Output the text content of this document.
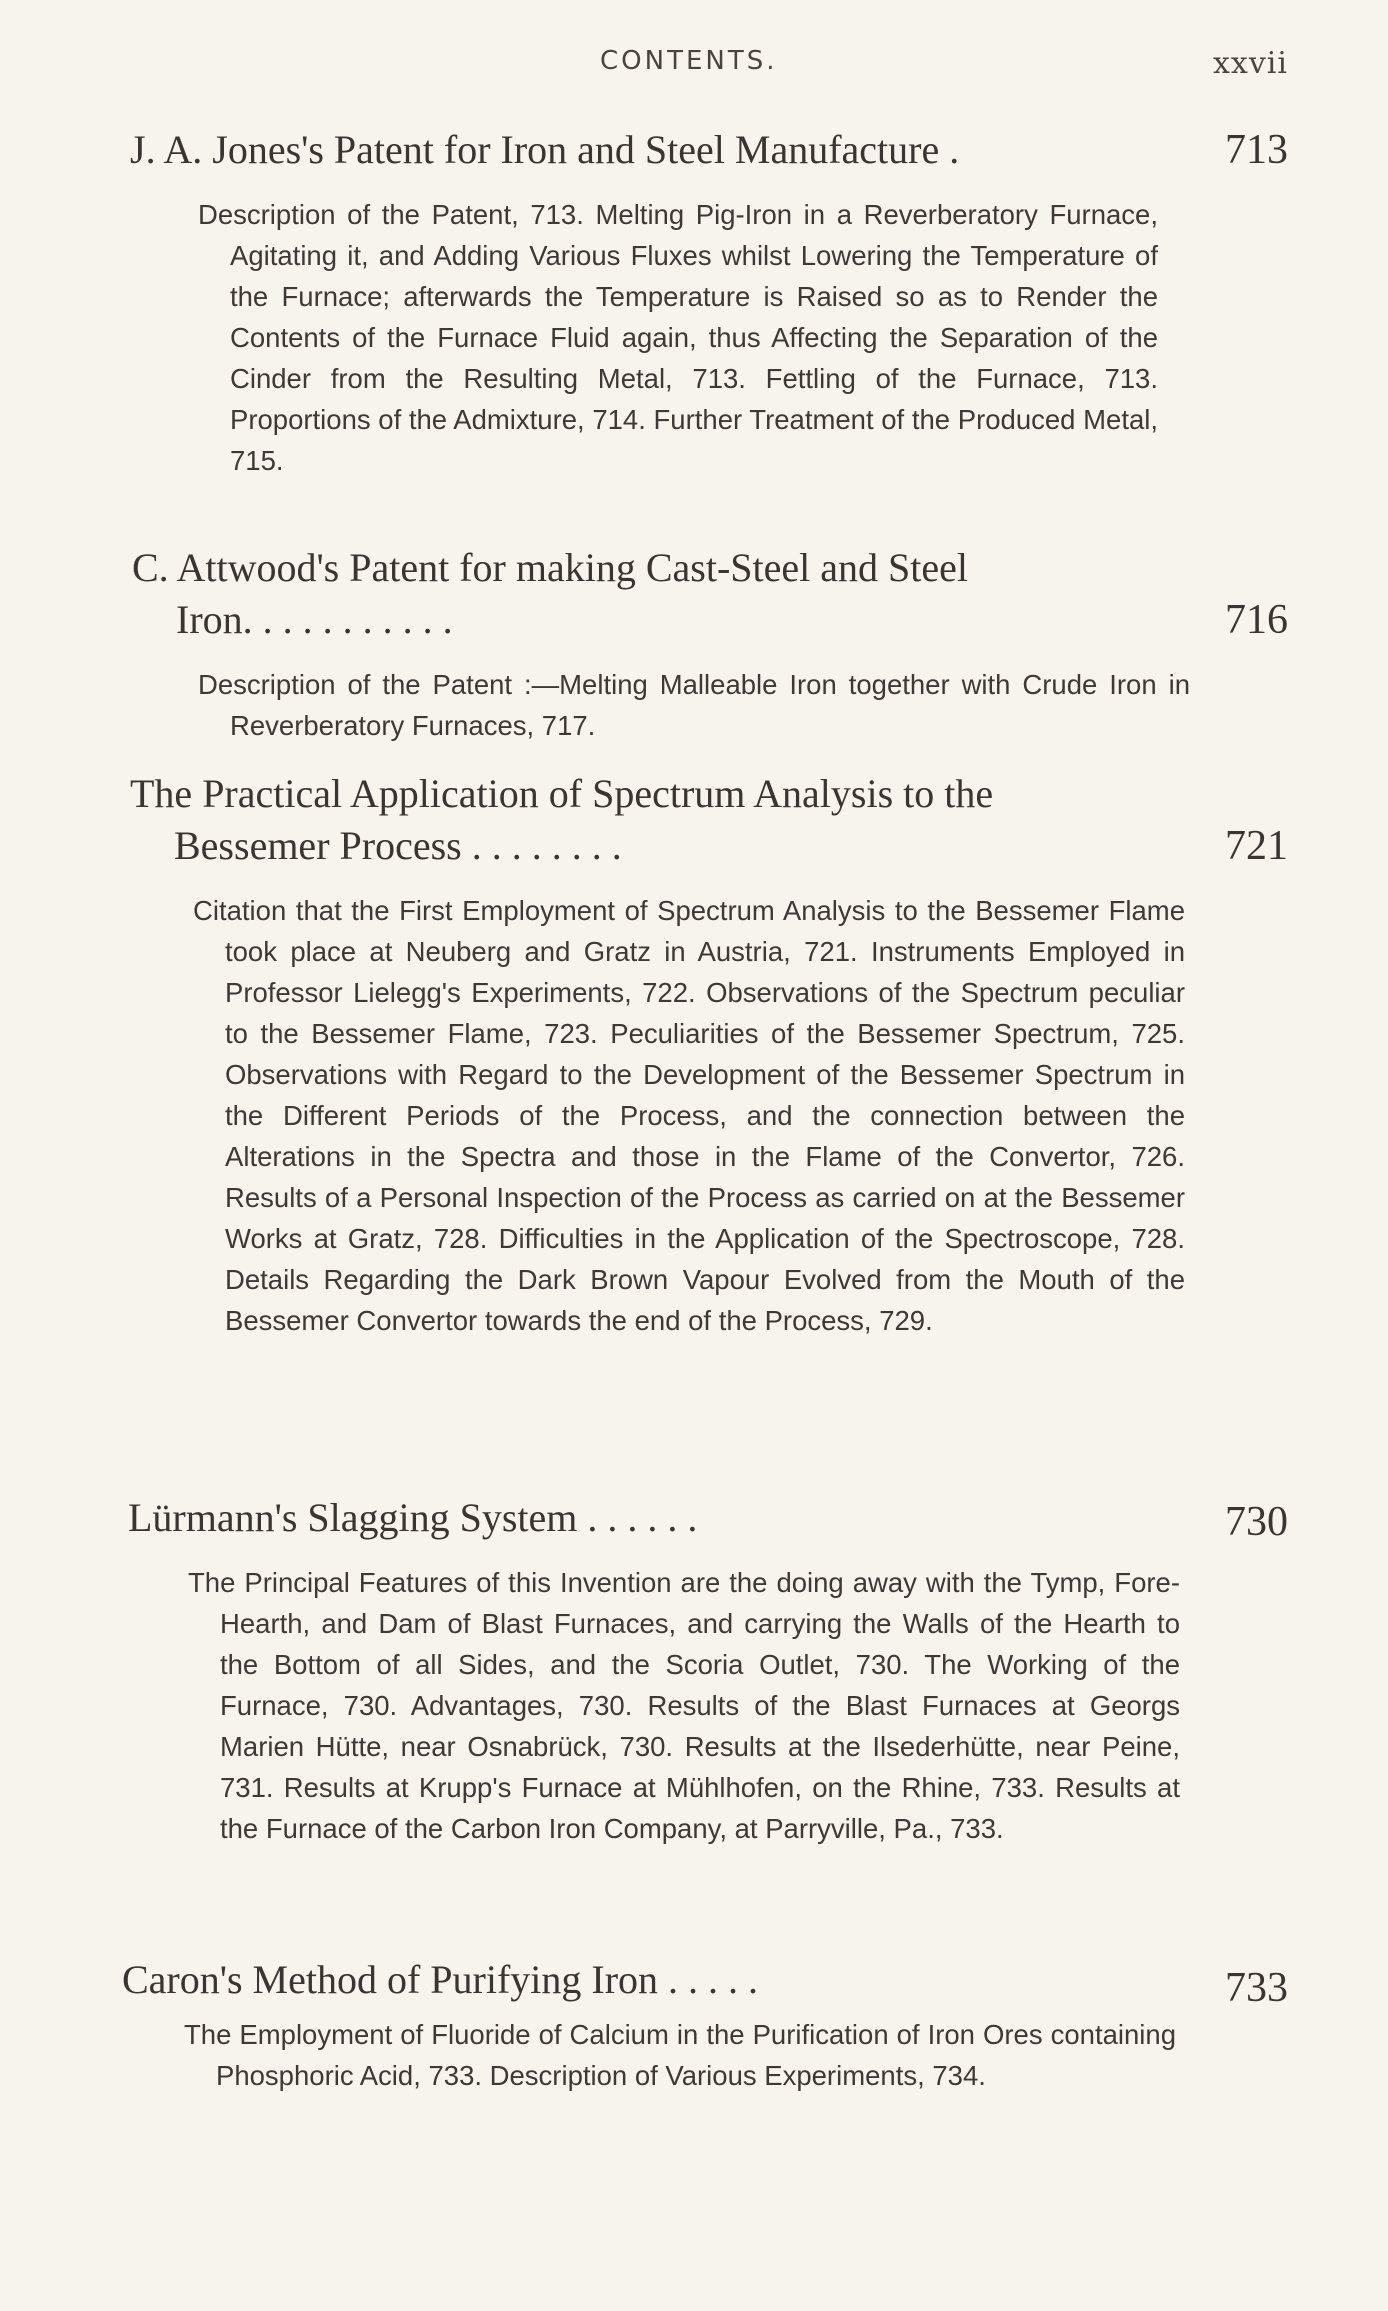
CONTENTS.	xxvii
J. A. Jones's Patent for Iron and Steel Manufacture .	713
Description of the Patent, 713. Melting Pig-Iron in a Reverberatory Furnace, Agitating it, and Adding Various Fluxes whilst Lowering the Temperature of the Furnace; afterwards the Temperature is Raised so as to Render the Contents of the Furnace Fluid again, thus Affecting the Separation of the Cinder from the Resulting Metal, 713. Fettling of the Furnace, 713. Proportions of the Admixture, 714. Further Treatment of the Produced Metal, 715.
C. Attwood's Patent for making Cast-Steel and Steel
Iron. . . . . . . . . . .	716
Description of the Patent :—Melting Malleable Iron together with Crude Iron in Reverberatory Furnaces, 717.
The Practical Application of Spectrum Analysis to the
Bessemer Process . . . . . . . .	721
Citation that the First Employment of Spectrum Analysis to the Bessemer Flame took place at Neuberg and Gratz in Austria, 721. Instruments Employed in Professor Lielegg's Experiments, 722. Observations of the Spectrum peculiar to the Bessemer Flame, 723. Peculiarities of the Bessemer Spectrum, 725. Observations with Regard to the Development of the Bessemer Spectrum in the Different Periods of the Process, and the connection between the Alterations in the Spectra and those in the Flame of the Convertor, 726. Results of a Personal Inspection of the Process as carried on at the Bessemer Works at Gratz, 728. Difficulties in the Application of the Spectroscope, 728. Details Regarding the Dark Brown Vapour Evolved from the Mouth of the Bessemer Convertor towards the end of the Process, 729.
Lürmann's Slagging System . . . . . .	730
The Principal Features of this Invention are the doing away with the Tymp, Fore-Hearth, and Dam of Blast Furnaces, and carrying the Walls of the Hearth to the Bottom of all Sides, and the Scoria Outlet, 730. The Working of the Furnace, 730. Advantages, 730. Results of the Blast Furnaces at Georgs Marien Hütte, near Osnabrück, 730. Results at the Ilsederhütte, near Peine, 731. Results at Krupp's Furnace at Mühlhofen, on the Rhine, 733. Results at the Furnace of the Carbon Iron Company, at Parryville, Pa., 733.
Caron's Method of Purifying Iron . . . . .	733
The Employment of Fluoride of Calcium in the Purification of Iron Ores containing Phosphoric Acid, 733. Description of Various Experiments, 734.
